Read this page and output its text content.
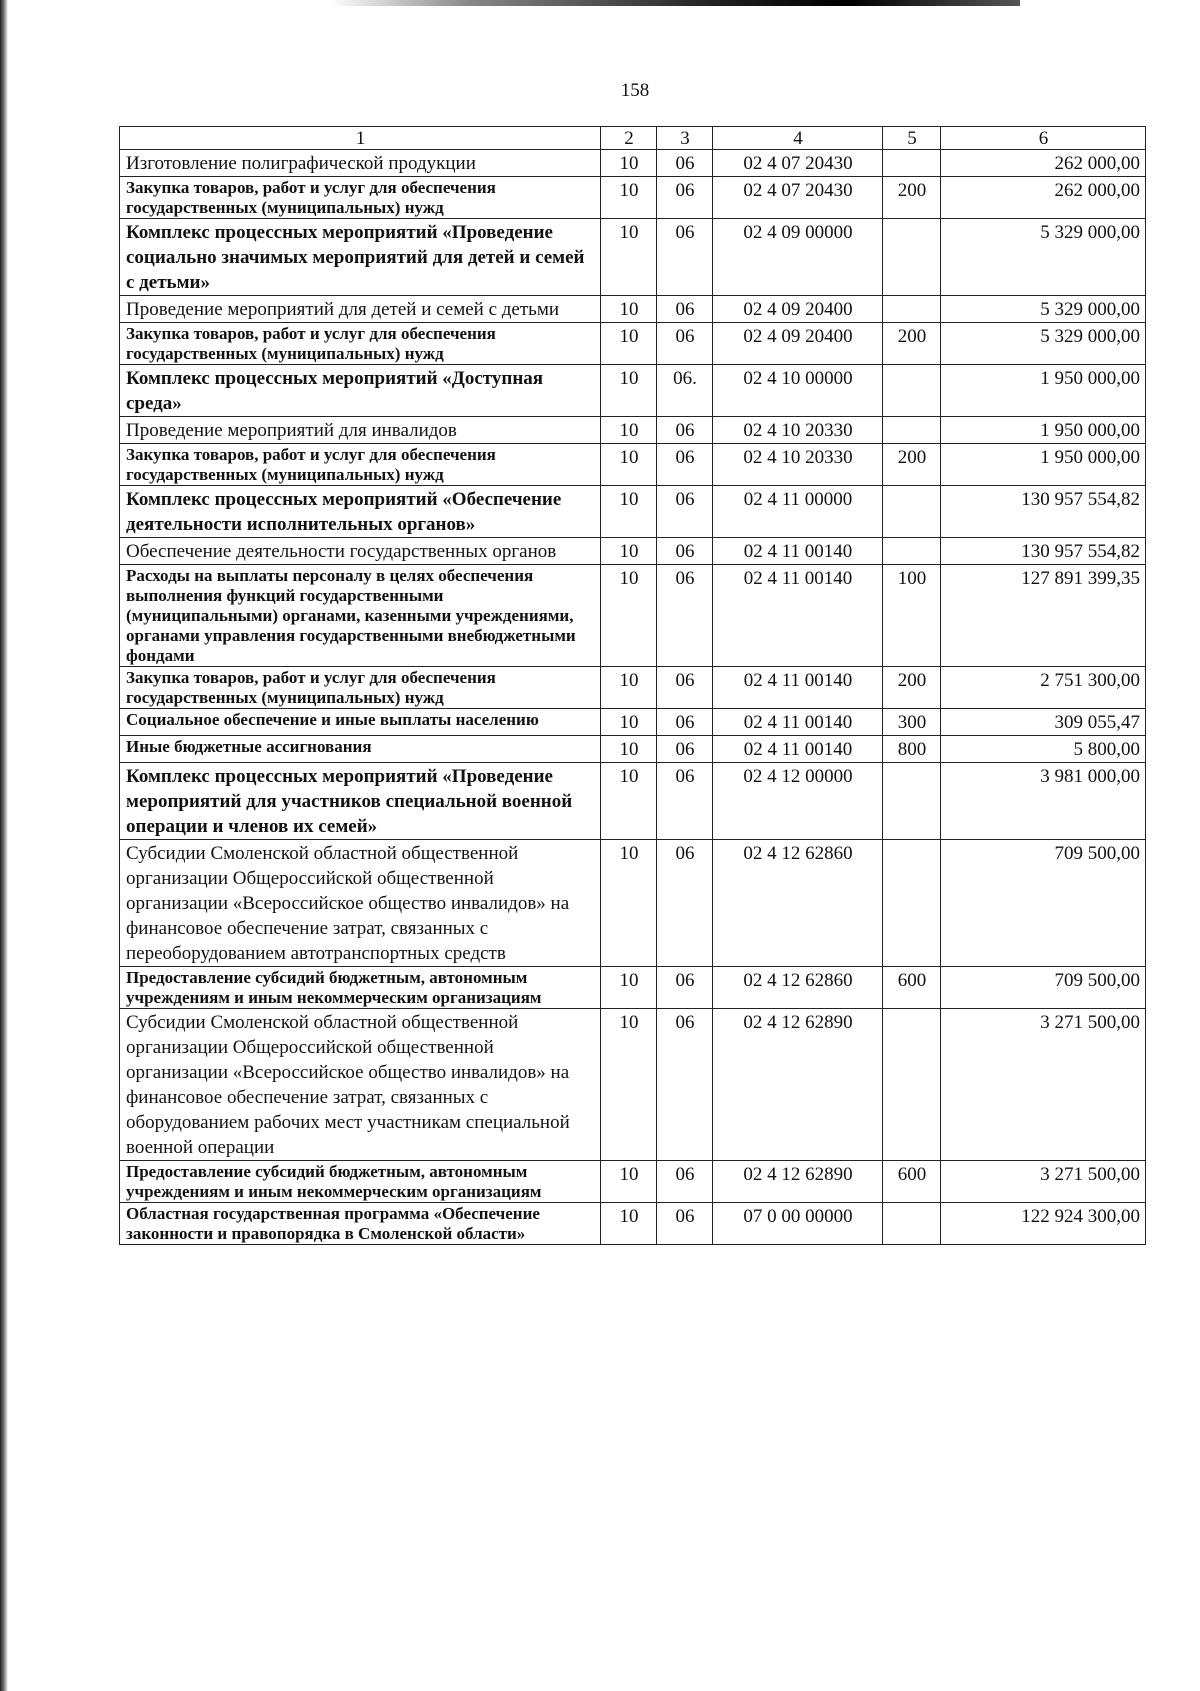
158
1	2	3	4	5	6
Изготовление полиграфической продукции	10	06	02 4 07 20430		262 000,00
Закупка товаров, работ и услуг для обеспечения государственных (муниципальных) нужд	10	06	02 4 07 20430	200	262 000,00
Комплекс процессных мероприятий «Проведение социально значимых мероприятий для детей и семей с детьми»	10	06	02 4 09 00000		5 329 000,00
Проведение мероприятий для детей и семей с детьми	10	06	02 4 09 20400		5 329 000,00
Закупка товаров, работ и услуг для обеспечения государственных (муниципальных) нужд	10	06	02 4 09 20400	200	5 329 000,00
Комплекс процессных мероприятий «Доступная среда»	10	06.	02 4 10 00000		1 950 000,00
Проведение мероприятий для инвалидов	10	06	02 4 10 20330		1 950 000,00
Закупка товаров, работ и услуг для обеспечения государственных (муниципальных) нужд	10	06	02 4 10 20330	200	1 950 000,00
Комплекс процессных мероприятий «Обеспечение деятельности исполнительных органов»	10	06	02 4 11 00000		130 957 554,82
Обеспечение деятельности государственных органов	10	06	02 4 11 00140		130 957 554,82
Расходы на выплаты персоналу в целях обеспечения выполнения функций государственными (муниципальными) органами, казенными учреждениями, органами управления государственными внебюджетными фондами	10	06	02 4 11 00140	100	127 891 399,35
Закупка товаров, работ и услуг для обеспечения государственных (муниципальных) нужд	10	06	02 4 11 00140	200	2 751 300,00
Социальное обеспечение и иные выплаты населению	10	06	02 4 11 00140	300	309 055,47
Иные бюджетные ассигнования	10	06	02 4 11 00140	800	5 800,00
Комплекс процессных мероприятий «Проведение мероприятий для участников специальной военной операции и членов их семей»	10	06	02 4 12 00000		3 981 000,00
Субсидии Смоленской областной общественной организации Общероссийской общественной организации «Всероссийское общество инвалидов» на финансовое обеспечение затрат, связанных с переоборудованием автотранспортных средств	10	06	02 4 12 62860		709 500,00
Предоставление субсидий бюджетным, автономным учреждениям и иным некоммерческим организациям	10	06	02 4 12 62860	600	709 500,00
Субсидии Смоленской областной общественной организации Общероссийской общественной организации «Всероссийское общество инвалидов» на финансовое обеспечение затрат, связанных с оборудованием рабочих мест участникам специальной военной операции	10	06	02 4 12 62890		3 271 500,00
Предоставление субсидий бюджетным, автономным учреждениям и иным некоммерческим организациям	10	06	02 4 12 62890	600	3 271 500,00
Областная государственная программа «Обеспечение законности и правопорядка в Смоленской области»	10	06	07 0 00 00000		122 924 300,00
